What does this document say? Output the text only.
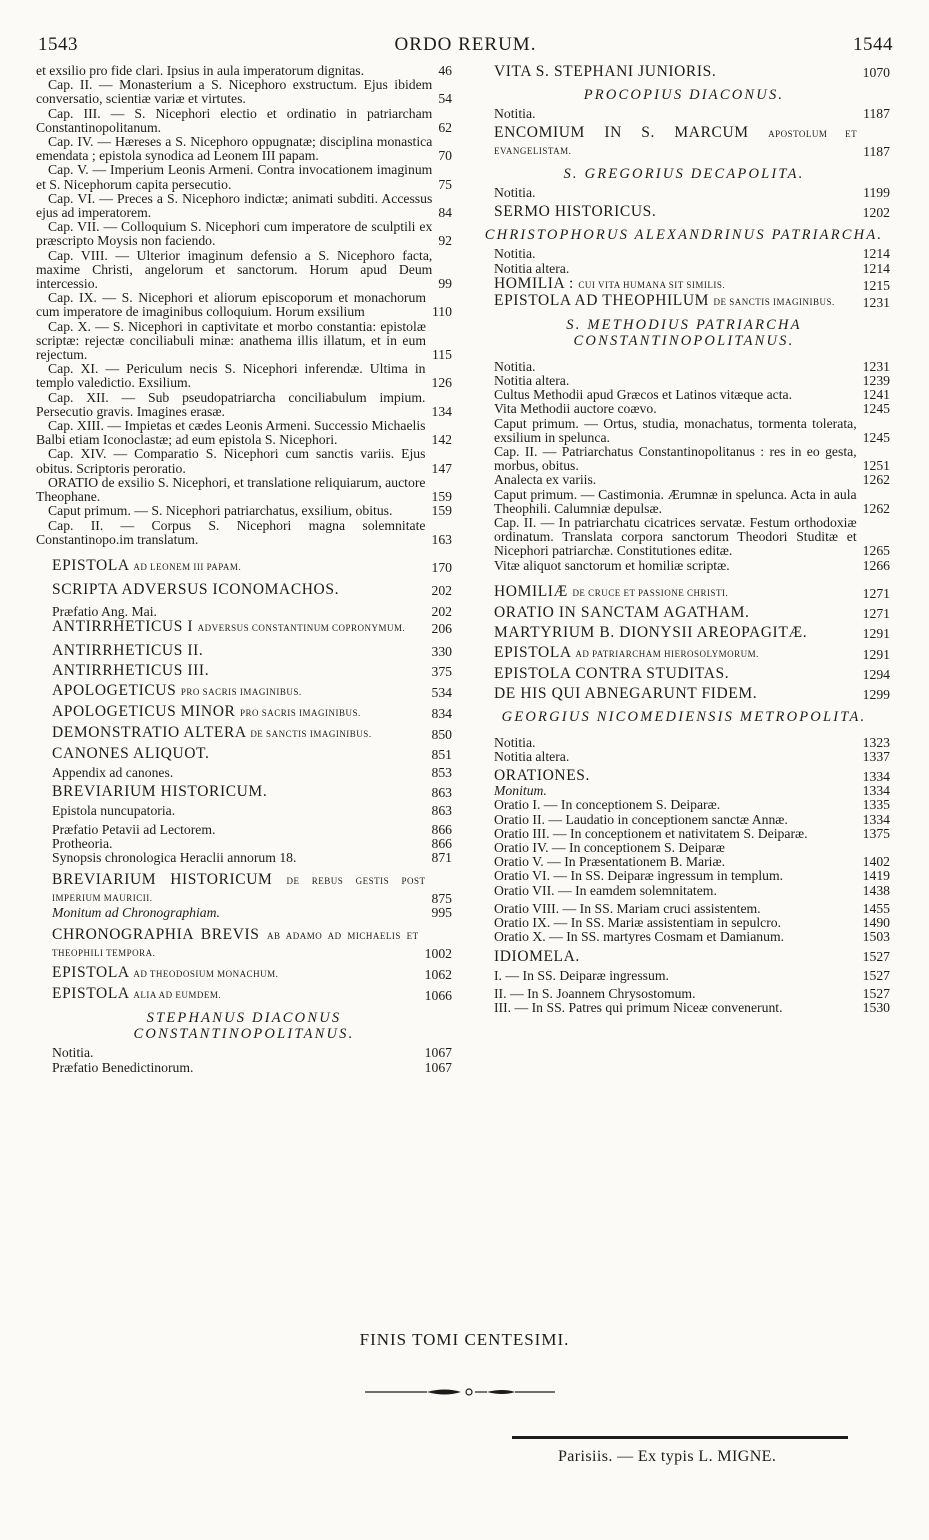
1543	ORDO RERUM.	1544
et exsilio pro fide clari. Ipsius in aula imperatorum dignitas.	46
Cap. II. — Monasterium a S. Nicephoro exstructum. Ejus ibidem conversatio, scientiæ variæ et virtutes.	54
Cap. III. — S. Nicephori electio et ordinatio in patriarcham Constantinopolitanum.	62
Cap. IV. — Hæreses a S. Nicephoro oppugnatæ; disciplina monastica emendata ; epistola synodica ad Leonem III papam.	70
Cap. V. — Imperium Leonis Armeni. Contra invocationem imaginum et S. Nicephorum capita persecutio.	75
Cap. VI. — Preces a S. Nicephoro indictæ; animati subditi. Accessus ejus ad imperatorem.	84
Cap. VII. — Colloquium S. Nicephori cum imperatore de sculptili ex præscripto Moysis non faciendo.	92
Cap. VIII. — Ulterior imaginum defensio a S. Nicephoro facta, maxime Christi, angelorum et sanctorum. Horum apud Deum intercessio.	99
Cap. IX. — S. Nicephori et aliorum episcoporum et monachorum cum imperatore de imaginibus colloquium. Horum exsilium	110
Cap. X. — S. Nicephori in captivitate et morbo constantia: epistolæ scriptæ: rejectæ conciliabuli minæ: anathema illis illatum, et in eum rejectum.	115
Cap. XI. — Periculum necis S. Nicephori inferendæ. Ultima in templo valedictio. Exsilium.	126
Cap. XII. — Sub pseudopatriarcha conciliabulum impium. Persecutio gravis. Imagines erasæ.	134
Cap. XIII. — Impietas et cædes Leonis Armeni. Successio Michaelis Balbi etiam Iconoclastæ; ad eum epistola S. Nicephori.	142
Cap. XIV. — Comparatio S. Nicephori cum sanctis variis. Ejus obitus. Scriptoris peroratio.	147
ORATIO de exsilio S. Nicephori, et translatione reliquiarum, auctore Theophane.	159
Caput primum. — S. Nicephori patriarchatus, exsilium, obitus.	159
Cap. II. — Corpus S. Nicephori magna solemnitate Constantinopo.im translatum.	163
EPISTOLA AD LEONEM III PAPAM.	170
SCRIPTA ADVERSUS ICONOMACHOS.	202
Præfatio Ang. Mai.	202
ANTIRRHETICUS I ADVERSUS CONSTANTINUM COPRONYMUM.	206
ANTIRRHETICUS II.	330
ANTIRRHETICUS III.	375
APOLOGETICUS PRO SACRIS IMAGINIBUS.	534
APOLOGETICUS MINOR PRO SACRIS IMAGINIBUS.	834
DEMONSTRATIO ALTERA DE SANCTIS IMAGINIBUS.	850
CANONES ALIQUOT.	851
Appendix ad canones.	853
BREVIARIUM HISTORICUM.	863
Epistola nuncupatoria.	863
Præfatio Petavii ad Lectorem.	866
Protheoria.	866
Synopsis chronologica Heraclii annorum 18.	871
BREVIARIUM HISTORICUM DE REBUS GESTIS POST IMPERIUM MAURICII.	875
Monitum ad Chronographiam.	995
CHRONOGRAPHIA BREVIS AB ADAMO AD MICHAELIS ET THEOPHILI TEMPORA.	1002
EPISTOLA AD THEODOSIUM MONACHUM.	1062
EPISTOLA ALIA AD EUMDEM.	1066
STEPHANUS DIACONUS CONSTANTINOPOLITANUS.
Notitia.	1067
Præfatio Benedictinorum.	1067
VITA S. STEPHANI JUNIORIS.	1070
PROCOPIUS DIACONUS.
Notitia.	1187
ENCOMIUM IN S. MARCUM APOSTOLUM ET EVANGELISTAM.	1187
S. GREGORIUS DECAPOLITA.
Notitia.	1199
SERMO HISTORICUS.	1202
CHRISTOPHORUS ALEXANDRINUS PATRIARCHA.
Notitia.	1214
Notitia altera.	1214
HOMILIA : CUI VITA HUMANA SIT SIMILIS.	1215
EPISTOLA AD THEOPHILUM DE SANCTIS IMAGINIBUS.	1231
S. METHODIUS PATRIARCHA CONSTANTINOPOLITANUS.
Notitia.	1231
Notitia altera.	1239
Cultus Methodii apud Græcos et Latinos vitæque acta.	1241
Vita Methodii auctore coævo.	1245
Caput primum. — Ortus, studia, monachatus, tormenta tolerata, exsilium in spelunca.	1245
Cap. II. — Patriarchatus Constantinopolitanus : res in eo gesta, morbus, obitus.	1251
Analecta ex variis.	1262
Caput primum. — Castimonia. Ærumnæ in spelunca. Acta in aula Theophili. Calumniæ depulsæ.	1262
Cap. II. — In patriarchatu cicatrices servatæ. Festum orthodoxiæ ordinatum. Translata corpora sanctorum Theodori Studitæ et Nicephori patriarchæ. Constitutiones editæ.	1265
Vitæ aliquot sanctorum et homiliæ scriptæ.	1266
HOMILIÆ DE CRUCE ET PASSIONE CHRISTI.	1271
ORATIO IN SANCTAM AGATHAM.	1271
MARTYRIUM B. DIONYSII AREOPAGITÆ.	1291
EPISTOLA AD PATRIARCHAM HIEROSOLYMORUM.	1291
EPISTOLA CONTRA STUDITAS.	1294
DE HIS QUI ABNEGARUNT FIDEM.	1299
GEORGIUS NICOMEDIENSIS METROPOLITA.
Notitia.	1323
Notitia altera.	1337
ORATIONES.	1334
Monitum.	1334
Oratio I. — In conceptionem S. Deiparæ.	1335
Oratio II. — Laudatio in conceptionem sanctæ Annæ.	1334
Oratio III. — In conceptionem et nativitatem S. Deiparæ.	1375
Oratio IV. — In conceptionem S. Deiparæ
Oratio V. — In Præsentationem B. Mariæ.	1402
Oratio VI. — In SS. Deiparæ ingressum in templum.	1419
Oratio VII. — In eamdem solemnitatem.	1438
Oratio VIII. — In SS. Mariam cruci assistentem.	1455
Oratio IX. — In SS. Mariæ assistentiam in sepulcro.	1490
Oratio X. — In SS. martyres Cosmam et Damianum.	1503
IDIOMELA.	1527
I. — In SS. Deiparæ ingressum.	1527
II. — In S. Joannem Chrysostomum.	1527
III. — In SS. Patres qui primum Niceæ convenerunt.	1530
FINIS TOMI CENTESIMI.
Parisiis. — Ex typis L. MIGNE.
